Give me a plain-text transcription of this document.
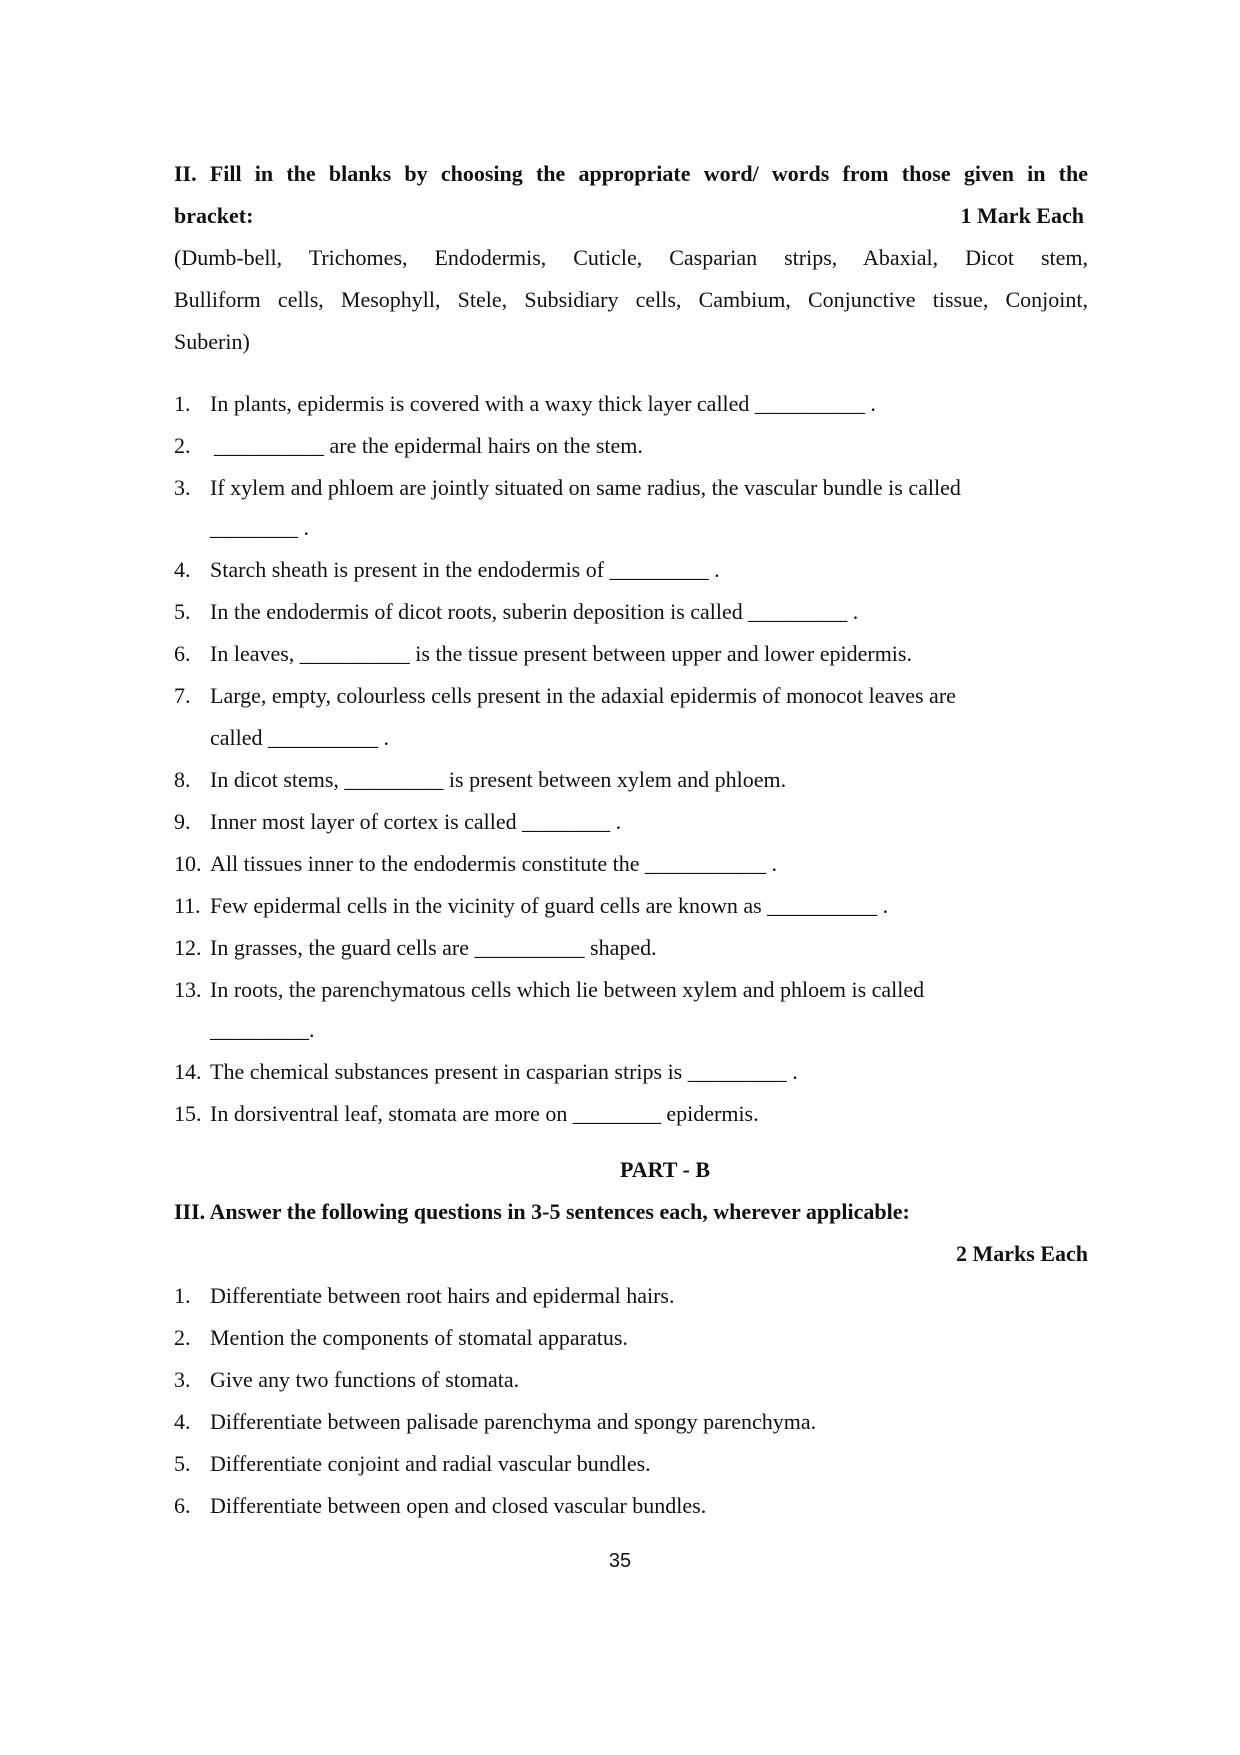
II. Fill in the blanks by choosing the appropriate word/ words from those given in the
bracket:	1 Mark Each
(Dumb-bell, Trichomes, Endodermis, Cuticle, Casparian strips, Abaxial, Dicot stem,
Bulliform cells, Mesophyll, Stele, Subsidiary cells, Cambium, Conjunctive tissue, Conjoint,
Suberin)
1. In plants, epidermis is covered with a waxy thick layer called __________ .
2. __________ are the epidermal hairs on the stem.
3. If xylem and phloem are jointly situated on same radius, the vascular bundle is called
________ .
4. Starch sheath is present in the endodermis of _________ .
5. In the endodermis of dicot roots, suberin deposition is called _________ .
6. In leaves, __________ is the tissue present between upper and lower epidermis.
7. Large, empty, colourless cells present in the adaxial epidermis of monocot leaves are
called __________ .
8. In dicot stems, _________ is present between xylem and phloem.
9. Inner most layer of cortex is called ________ .
10. All tissues inner to the endodermis constitute the ___________ .
11. Few epidermal cells in the vicinity of guard cells are known as __________ .
12. In grasses, the guard cells are __________ shaped.
13. In roots, the parenchymatous cells which lie between xylem and phloem is called
_________.
14. The chemical substances present in casparian strips is _________ .
15. In dorsiventral leaf, stomata are more on ________ epidermis.
PART - B
III. Answer the following questions in 3-5 sentences each, wherever applicable:
2 Marks Each
1. Differentiate between root hairs and epidermal hairs.
2. Mention the components of stomatal apparatus.
3. Give any two functions of stomata.
4. Differentiate between palisade parenchyma and spongy parenchyma.
5. Differentiate conjoint and radial vascular bundles.
6. Differentiate between open and closed vascular bundles.
35
